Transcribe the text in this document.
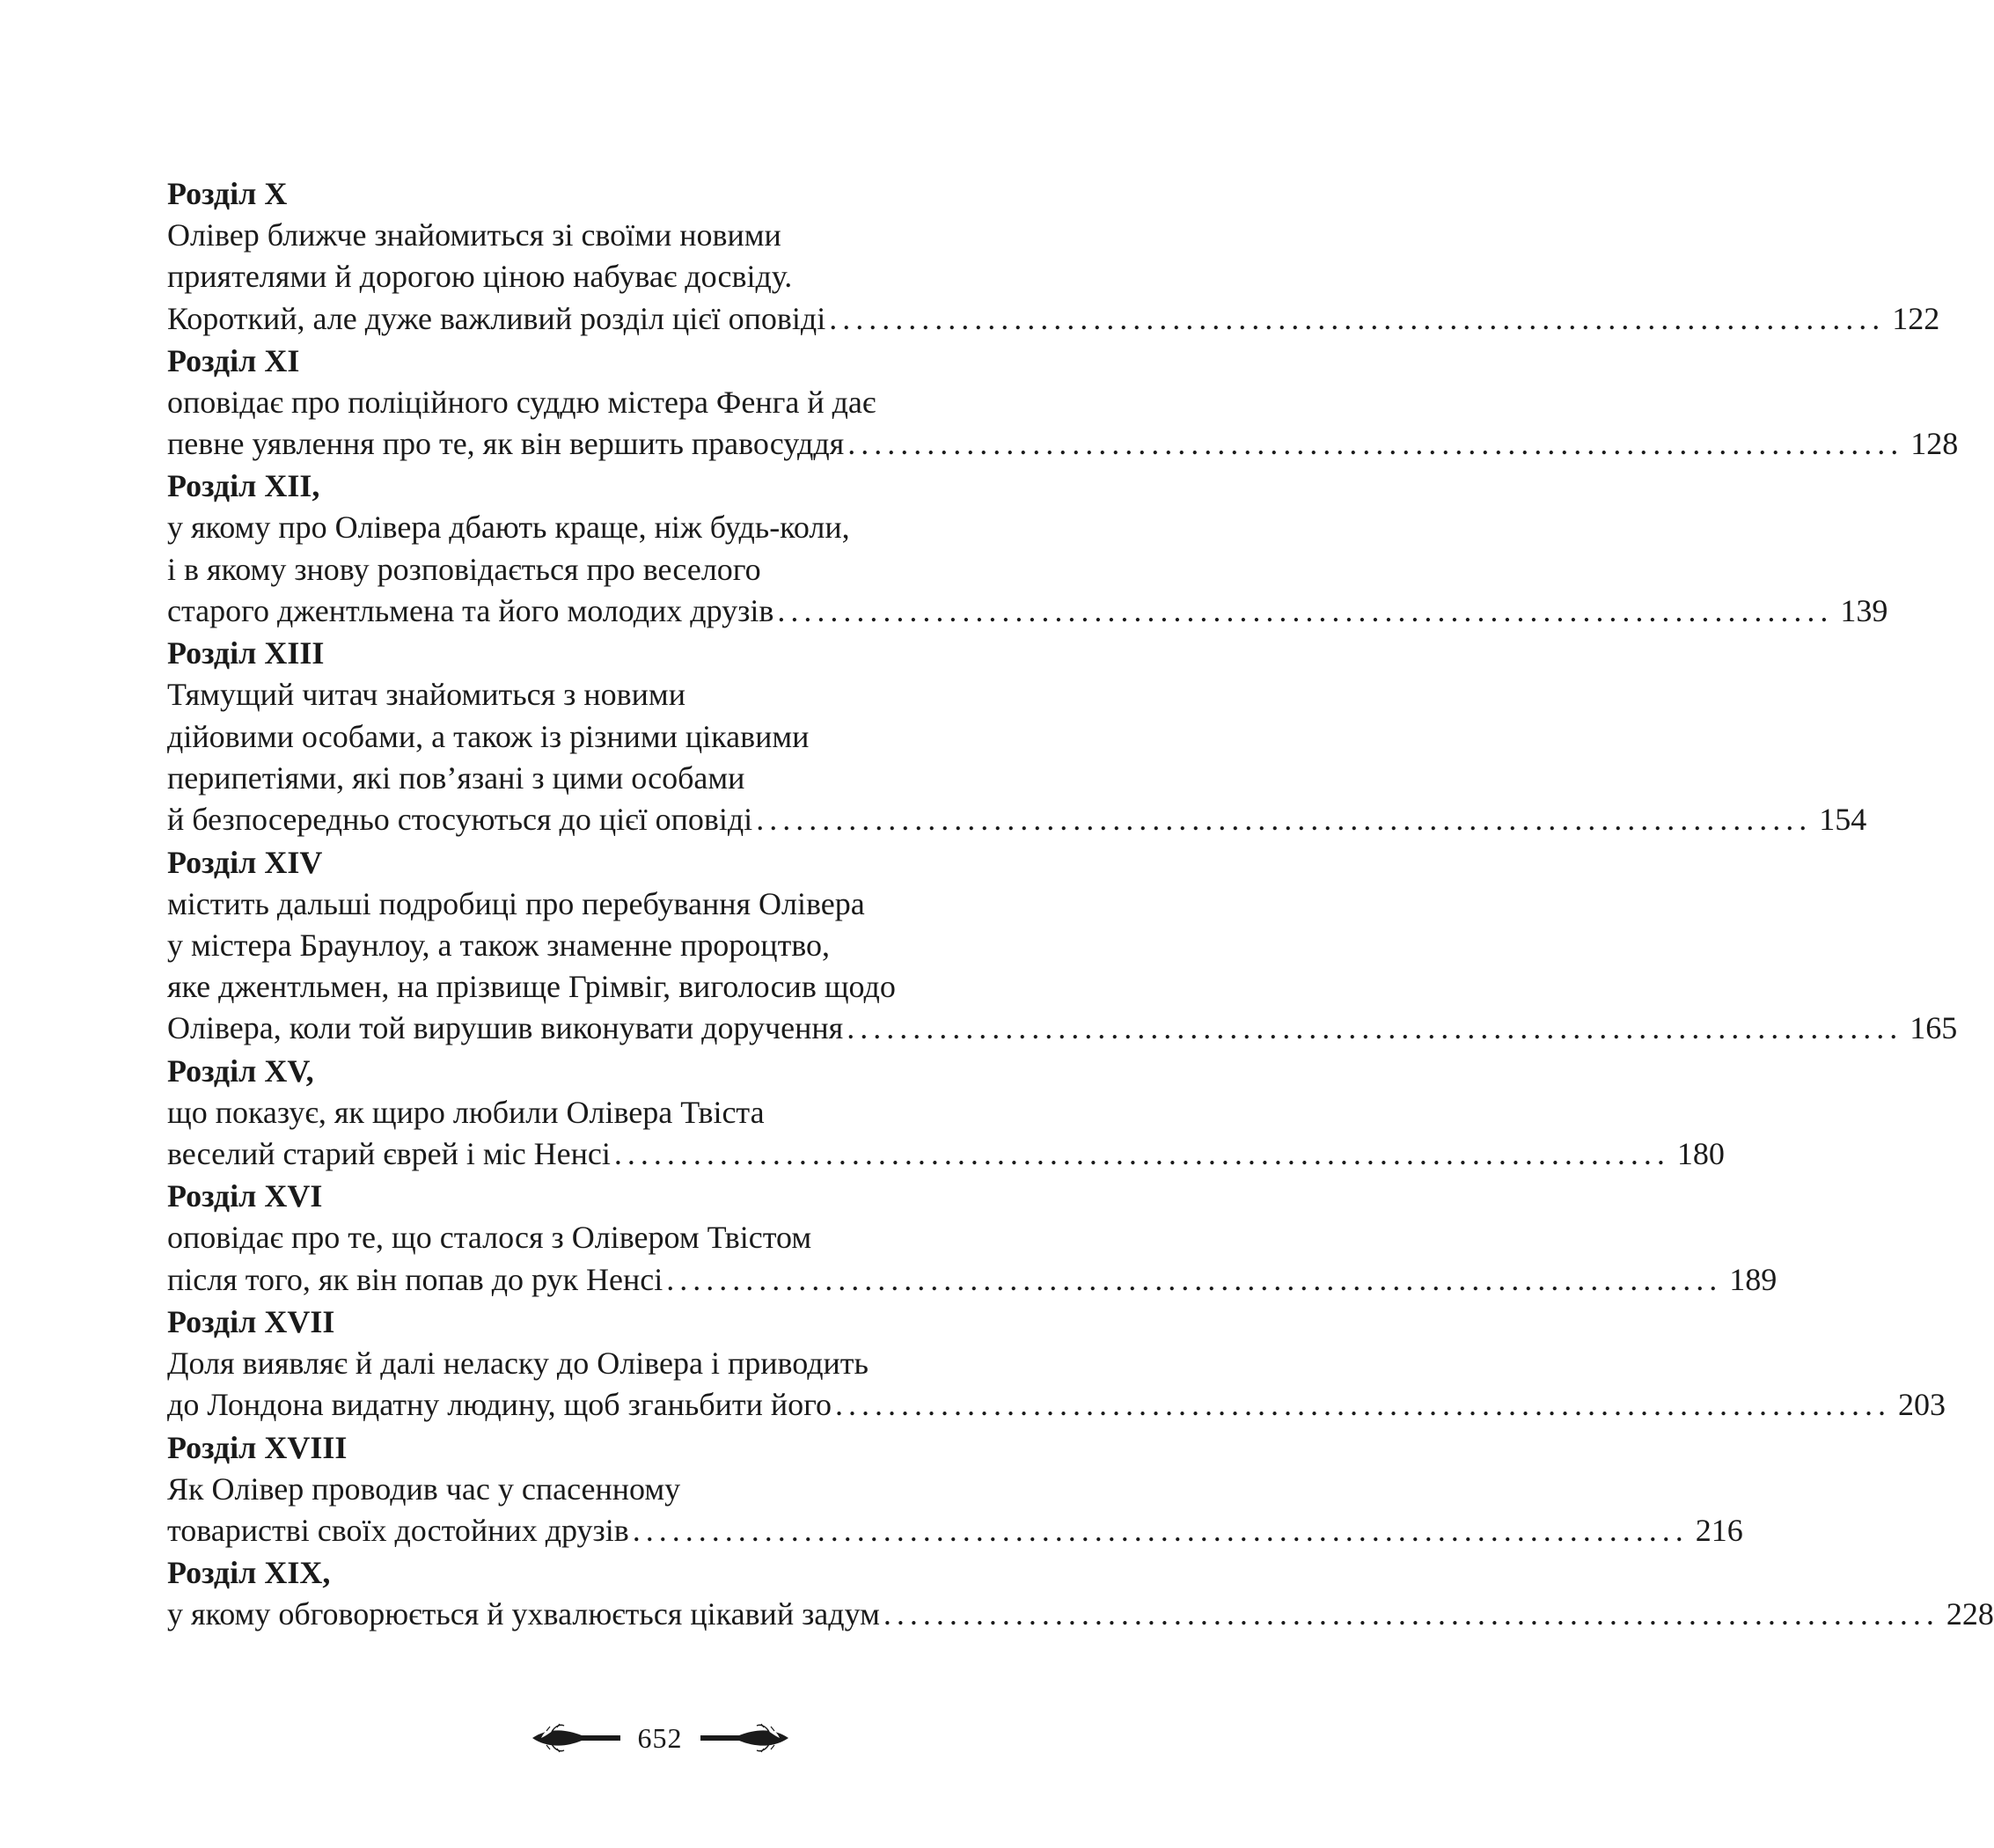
Розділ X
Олівер ближче знайомиться зі своїми новими
приятелями й дорогою ціною набуває досвіду.
Короткий, але дуже важливий розділ цієї оповіді ................................................................................ 122
Розділ XI
оповідає про поліційного суддю містера Фенга й дає
певне уявлення про те, як він вершить правосуддя ................................................................................ 128
Розділ XII,
у якому про Олівера дбають краще, ніж будь-коли,
і в якому знову розповідається про веселого
старого джентльмена та його молодих друзів ................................................................................ 139
Розділ XIII
Тямущий читач знайомиться з новими
дійовими особами, а також із різними цікавими
перипетіями, які пов’язані з цими особами
й безпосередньо стосуються до цієї оповіді ................................................................................ 154
Розділ XIV
містить дальші подробиці про перебування Олівера
у містера Браунлоу, а також знаменне пророцтво,
яке джентльмен, на прізвище Грімвіг, виголосив щодо
Олівера, коли той вирушив виконувати доручення ................................................................................ 165
Розділ XV,
що показує, як щиро любили Олівера Твіста
веселий старий єврей і міс Ненсі ................................................................................ 180
Розділ XVI
оповідає про те, що сталося з Олівером Твістом
після того, як він попав до рук Ненсі ................................................................................ 189
Розділ XVII
Доля виявляє й далі неласку до Олівера і приводить
до Лондона видатну людину, щоб зганьбити його ................................................................................ 203
Розділ XVIII
Як Олівер проводив час у спасенному
товаристві своїх достойних друзів ................................................................................ 216
Розділ XIX,
у якому обговорюється й ухвалюється цікавий задум ................................................................................ 228
652
